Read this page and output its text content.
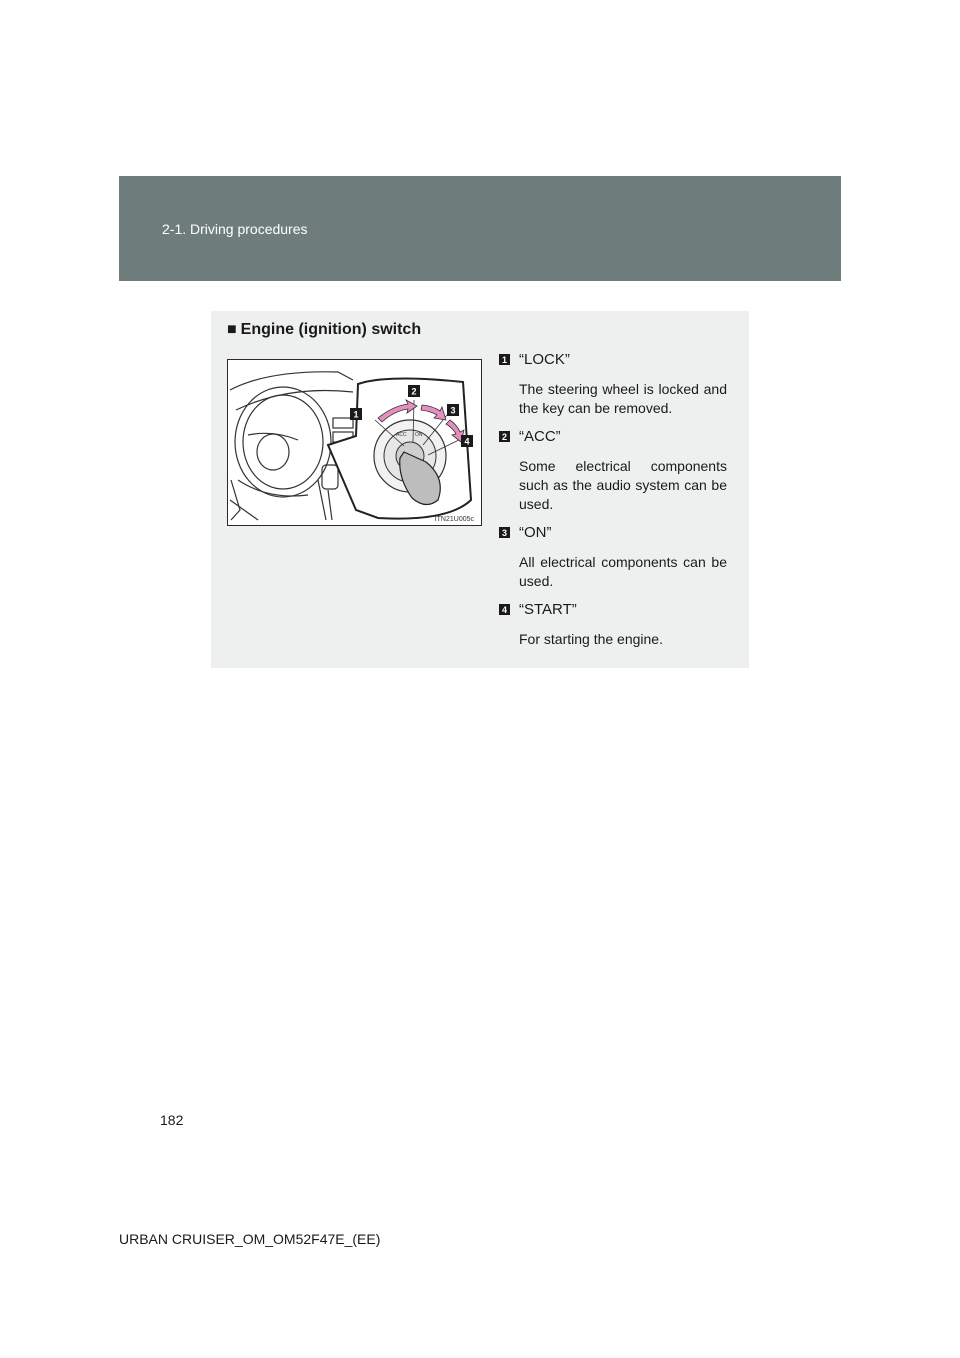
2-1. Driving procedures
■ Engine (ignition) switch
ACC ON
1
2
3
4
ITN21U005c
1 “LOCK”
The steering wheel is locked and the key can be removed.
2 “ACC”
Some electrical components such as the audio system can be used.
3 “ON”
All electrical components can be used.
4 “START”
For starting the engine.
182
URBAN CRUISER_OM_OM52F47E_(EE)
